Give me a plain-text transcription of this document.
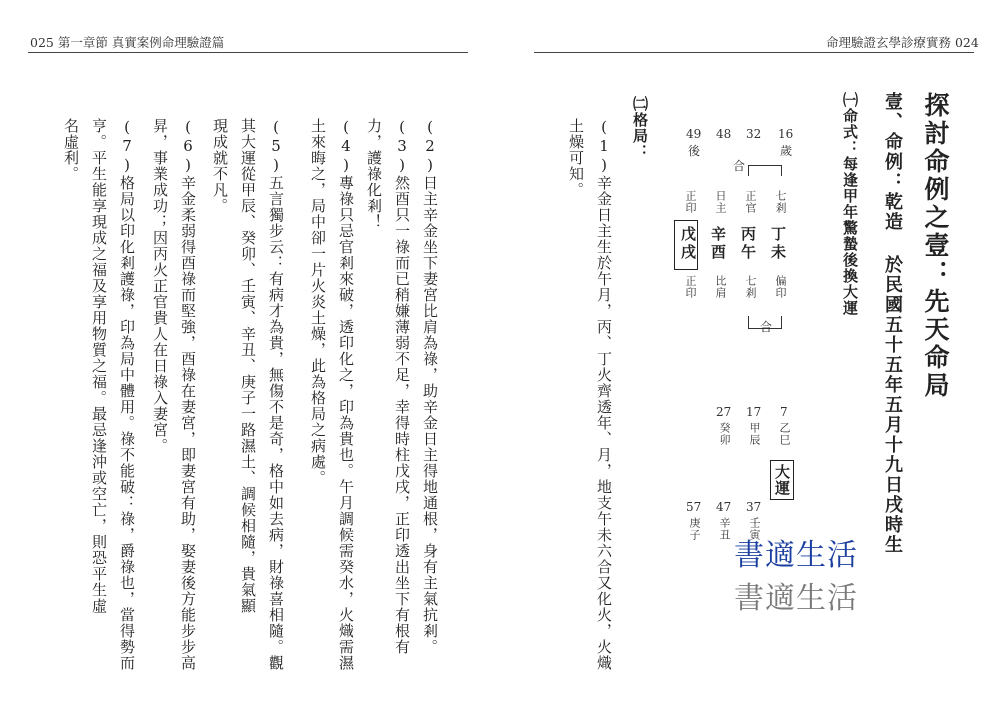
025 第一章節 真實案例命理驗證篇
(2)日主辛金坐下妻宮比肩為祿，助辛金日主得地通根，身有主氣抗剎。
(3)然酉只一祿而已稍嫌薄弱不足，幸得時柱戊戌，正印透出坐下有根有
力，護祿化剎！
(4)專祿只忌官剎來破，透印化之，印為貴也。午月調候需癸水，火熾需濕
土來晦之，局中卻一片火炎土燥，此為格局之病處。
(5)五言獨步云：有病才為貴，無傷不是奇，格中如去病，財祿喜相隨。觀
其大運從甲辰、癸卯、壬寅、辛丑、庚子一路濕土、調候相隨，貴氣顯
現成就不凡。
(6)辛金柔弱得酉祿而堅強，酉祿在妻宮，即妻宮有助，娶妻後方能步步高
昇，事業成功；因丙火正官貴人在日祿入妻宮。
(7)格局以印化剎護祿，印為局中體用。祿不能破：祿，爵祿也，當得勢而
亨。平生能享現成之福及享用物質之福。最忌逢沖或空亡，則恐平生虛
名虛利。
命理驗證玄學診療實務 024
探討命例之壹：先天命局
壹、命例：乾造 於民國五十五年五月十九日戌時生
㈠命式：每逢甲年驚蟄後換大運
16
歲
32
48
49
後
合
七剎
正官
日主
正印
丁未
丙午
辛酉
戊戌
偏印
七剎
比肩
正印
合
7
乙巳
17
甲辰
27
癸卯
大運
37
壬寅
47
辛丑
57
庚子
㈡格局：
(1)辛金日主生於午月，丙、丁火齊透年、月，地支午未六合又化火，火熾
土燥可知。
書適生活
書適生活
